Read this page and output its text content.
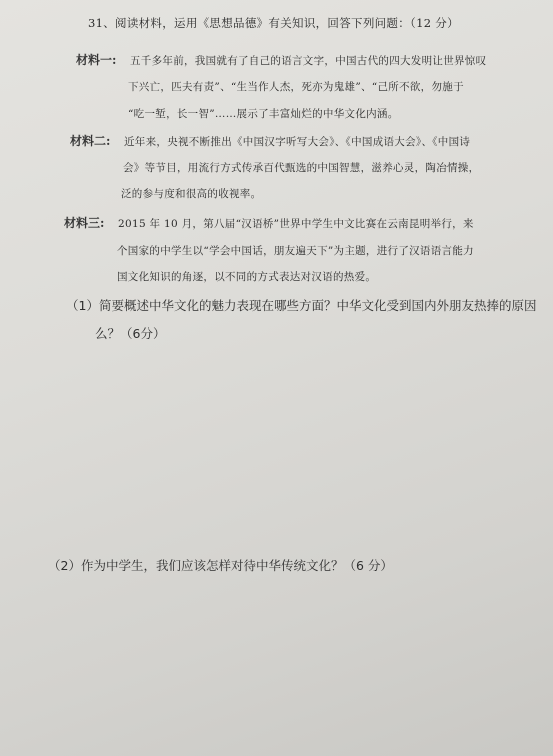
31、阅读材料，运用《思想品德》有关知识，回答下列问题：（12 分）
材料一: 五千多年前，我国就有了自己的语言文字，中国古代的四大发明让世界惊叹
下兴亡，匹夫有责”、“生当作人杰，死亦为鬼雄”、“己所不欲，勿施于
“吃一堑，长一智”……展示了丰富灿烂的中华文化内涵。
材料二: 近年来，央视不断推出《中国汉字听写大会》、《中国成语大会》、《中国诗
会》等节目，用流行方式传承百代甄选的中国智慧，滋养心灵，陶冶情操，
泛的参与度和很高的收视率。
材料三: 2015 年 10 月，第八届“汉语桥”世界中学生中文比赛在云南昆明举行，来
个国家的中学生以“学会中国话，朋友遍天下”为主题，进行了汉语语言能力
国文化知识的角逐，以不同的方式表达对汉语的热爱。
（1）简要概述中华文化的魅力表现在哪些方面？中华文化受到国内外朋友热捧的原因
么？（6分）
（2）作为中学生，我们应该怎样对待中华传统文化？（6 分）
